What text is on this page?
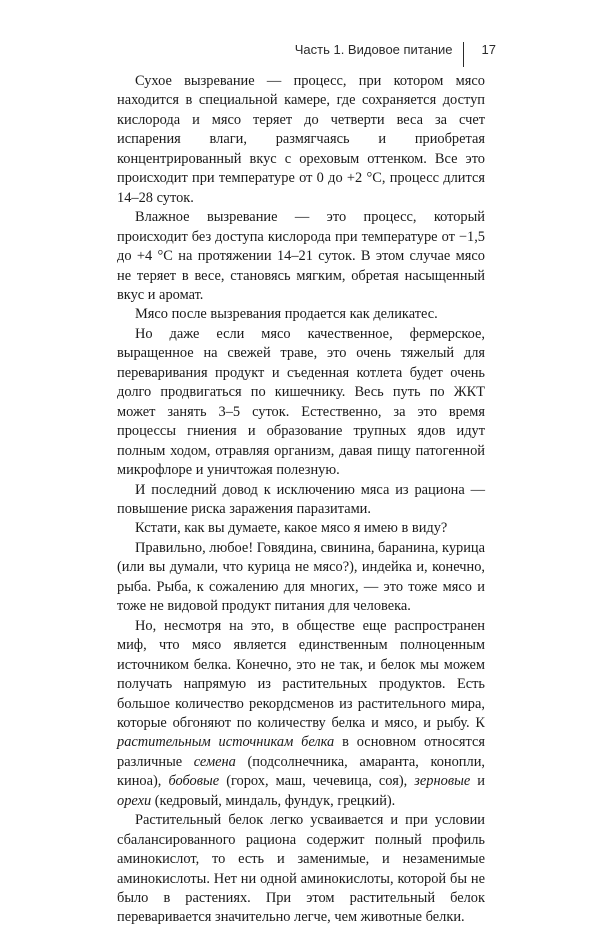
Часть 1. Видовое питание	17

Сухое вызревание — процесс, при котором мясо находится в специальной камере, где сохраняется доступ кислорода и мясо теряет до четверти веса за счет испарения влаги, размягчаясь и приобретая концентрированный вкус с ореховым оттенком. Все это происходит при температуре от 0 до +2 °С, процесс длится 14–28 суток.

Влажное вызревание — это процесс, который происходит без доступа кислорода при температуре от −1,5 до +4 °С на протяжении 14–21 суток. В этом случае мясо не теряет в весе, становясь мягким, обретая насыщенный вкус и аромат.

Мясо после вызревания продается как деликатес.

Но даже если мясо качественное, фермерское, выращенное на свежей траве, это очень тяжелый для переваривания продукт и съеденная котлета будет очень долго продвигаться по кишечнику. Весь путь по ЖКТ может занять 3–5 суток. Естественно, за это время процессы гниения и образование трупных ядов идут полным ходом, отравляя организм, давая пищу патогенной микрофлоре и уничтожая полезную.

И последний довод к исключению мяса из рациона — повышение риска заражения паразитами.

Кстати, как вы думаете, какое мясо я имею в виду?

Правильно, любое! Говядина, свинина, баранина, курица (или вы думали, что курица не мясо?), индейка и, конечно, рыба. Рыба, к сожалению для многих, — это тоже мясо и тоже не видовой продукт питания для человека.

Но, несмотря на это, в обществе еще распространен миф, что мясо является единственным полноценным источником белка. Конечно, это не так, и белок мы можем получать напрямую из растительных продуктов. Есть большое количество рекордсменов из растительного мира, которые обгоняют по количеству белка и мясо, и рыбу. К растительным источникам белка в основном относятся различные семена (подсолнечника, амаранта, конопли, киноа), бобовые (горох, маш, чечевица, соя), зерновые и орехи (кедровый, миндаль, фундук, грецкий).

Растительный белок легко усваивается и при условии сбалансированного рациона содержит полный профиль аминокислот, то есть и заменимые, и незаменимые аминокислоты. Нет ни одной аминокислоты, которой бы не было в растениях. При этом растительный белок переваривается значительно легче, чем животные белки.
